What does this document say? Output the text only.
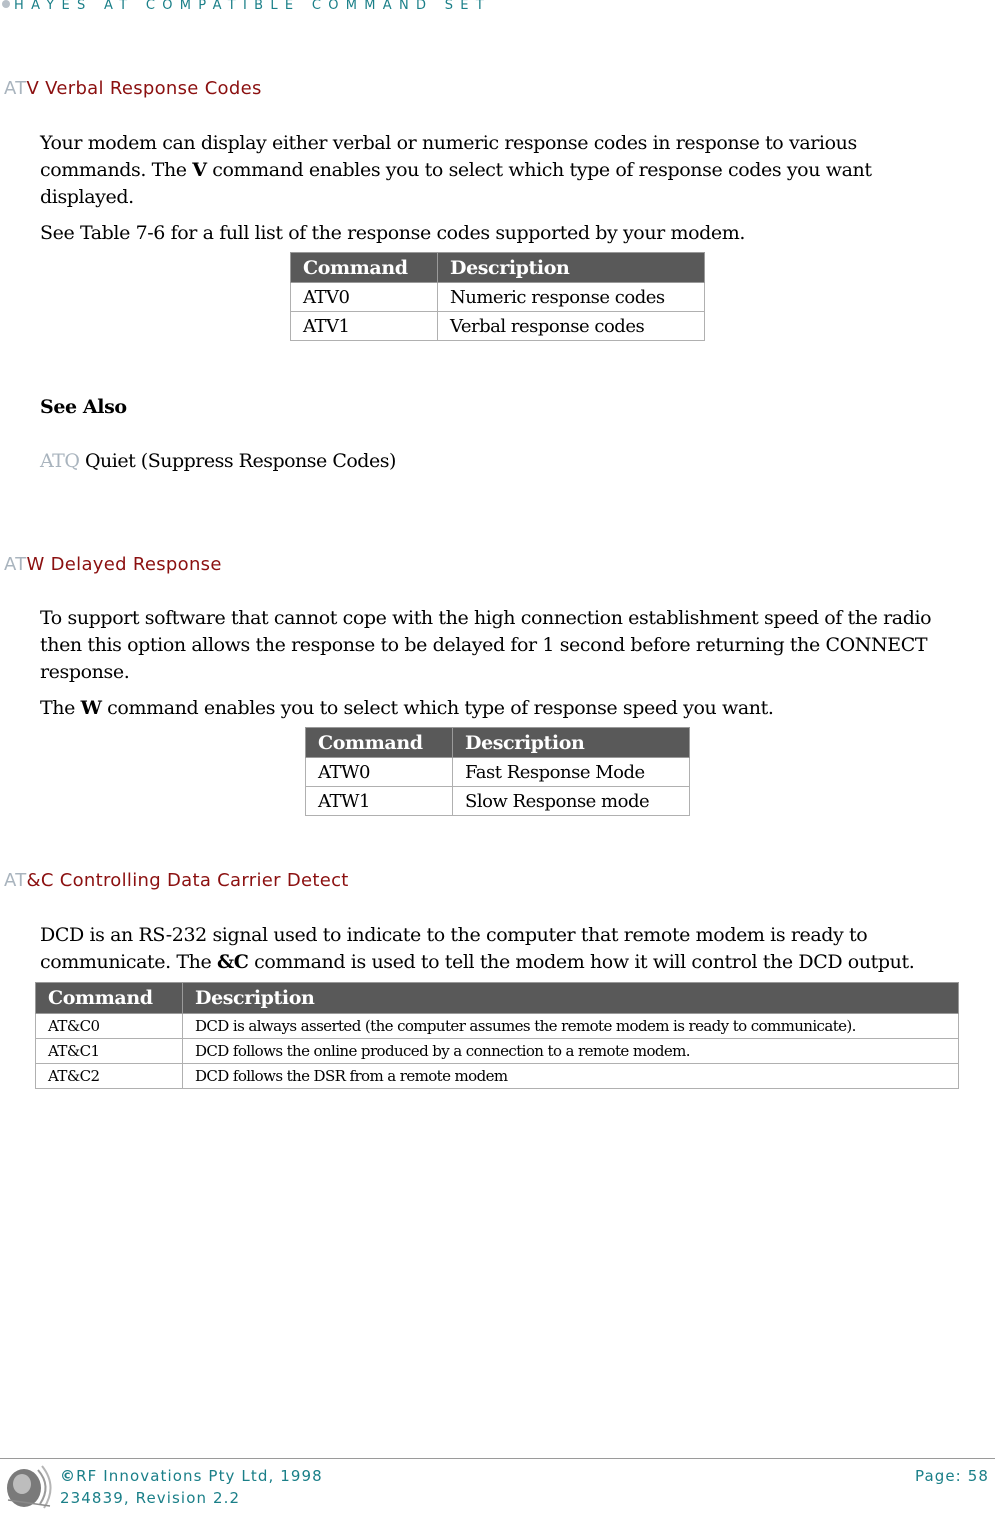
HAYES AT COMPATIBLE COMMAND SET
ATV Verbal Response Codes
Your modem can display either verbal or numeric response codes in response to various
commands. The V command enables you to select which type of response codes you want
displayed.
See Table 7-6 for a full list of the response codes supported by your modem.
Command	Description
ATV0	Numeric response codes
ATV1	Verbal response codes
See Also
ATQ Quiet (Suppress Response Codes)
ATW Delayed Response
To support software that cannot cope with the high connection establishment speed of the radio
then this option allows the response to be delayed for 1 second before returning the CONNECT
response.
The W command enables you to select which type of response speed you want.
Command	Description
ATW0	Fast Response Mode
ATW1	Slow Response mode
AT&C Controlling Data Carrier Detect
DCD is an RS-232 signal used to indicate to the computer that remote modem is ready to
communicate. The &C command is used to tell the modem how it will control the DCD output.
Command	Description
AT&C0	DCD is always asserted (the computer assumes the remote modem is ready to communicate).
AT&C1	DCD follows the online produced by a connection to a remote modem.
AT&C2	DCD follows the DSR from a remote modem
©RF Innovations Pty Ltd, 1998
234839, Revision 2.2
Page: 58
